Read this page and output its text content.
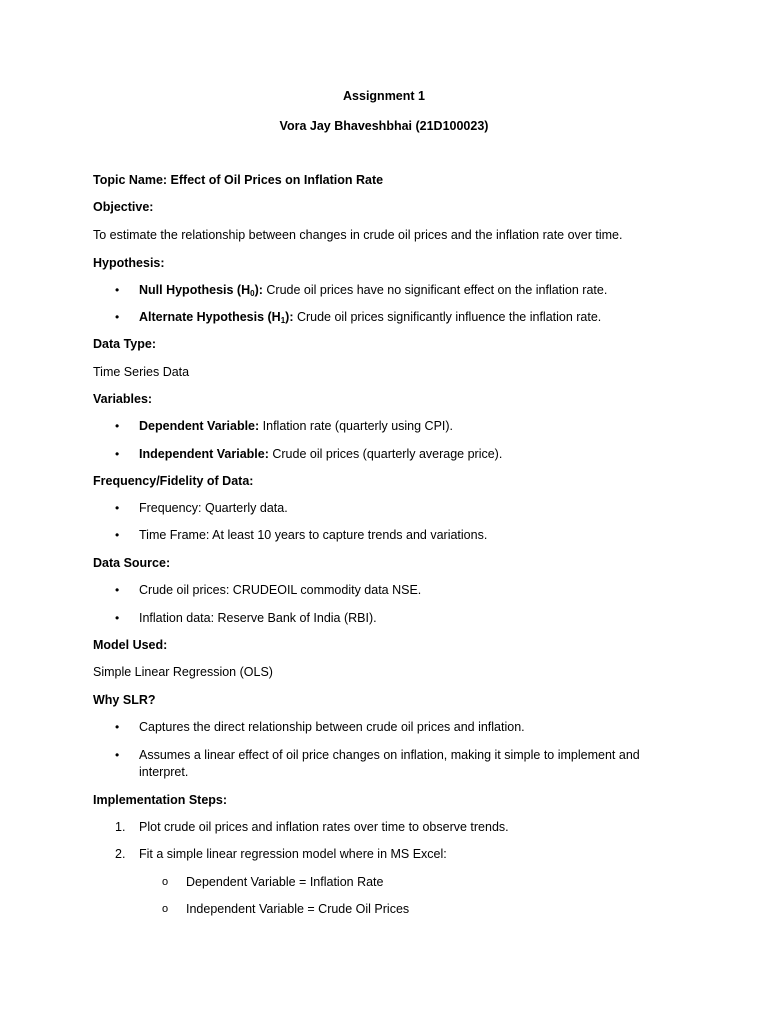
Assignment 1
Vora Jay Bhaveshbhai (21D100023)
Topic Name: Effect of Oil Prices on Inflation Rate
Objective:
To estimate the relationship between changes in crude oil prices and the inflation rate over time.
Hypothesis:
• Null Hypothesis $(H_0)$: Crude oil prices have no significant effect on the inflation rate.
• Alternate Hypothesis $(H_1)$: Crude oil prices significantly influence the inflation rate.
Data Type:
Time Series Data
Variables:
• Dependent Variable: Inflation rate (quarterly using CPI).
• Independent Variable: Crude oil prices (quarterly average price).
Frequency/Fidelity of Data:
• Frequency: Quarterly data.
• Time Frame: At least 10 years to capture trends and variations.
Data Source:
• Crude oil prices: CRUDEOIL commodity data NSE.
• Inflation data: Reserve Bank of India (RBI).
Model Used:
Simple Linear Regression (OLS)
Why SLR?
• Captures the direct relationship between crude oil prices and inflation.
• Assumes a linear effect of oil price changes on inflation, making it simple to implement and
interpret.
Implementation Steps:
1. Plot crude oil prices and inflation rates over time to observe trends.
2. Fit a simple linear regression model where in MS Excel:
o Dependent Variable = Inflation Rate
o Independent Variable = Crude Oil Prices
